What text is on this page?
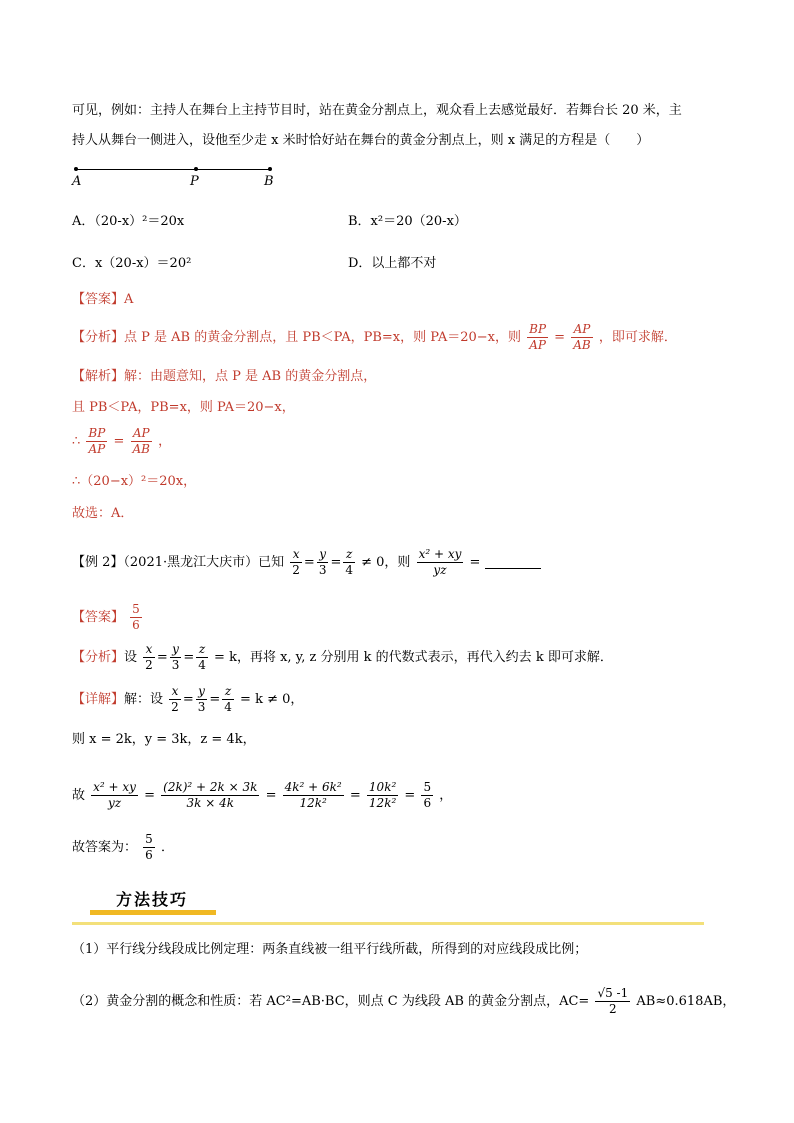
可见，例如：主持人在舞台上主持节目时，站在黄金分割点上，观众看上去感觉最好．若舞台长 20 米，主
持人从舞台一侧进入，设他至少走 x 米时恰好站在舞台的黄金分割点上，则 x 满足的方程是（　　）
A	P	B
A．（20-x）²＝20x	B．x²＝20（20-x）
C．x（20-x）＝20²	D．以上都不对
【答案】A
【分析】点 P 是 AB 的黄金分割点，且 PB＜PA，PB=x，则 PA＝20−x，则 $\frac{BP}{AP} = \frac{AP}{AB}$ ，即可求解．
【解析】解：由题意知，点 P 是 AB 的黄金分割点，
且 PB＜PA，PB=x，则 PA＝20−x，
∴ $\frac{BP}{AP} = \frac{AP}{AB}$ ，
∴（20−x）²＝20x，
故选：A．
【例 2】（2021·黑龙江大庆市）已知 $\frac{x}{2} = \frac{y}{3} = \frac{z}{4} \ne 0$，则 $\frac{\text{x² + xy}}{yz}$ =
【答案】 $\frac{5}{6}$
【分析】设 $\frac{x}{2} = \frac{y}{3} = \frac{z}{4} = k$，再将 x, y, z 分别用 k 的代数式表示，再代入约去 k 即可求解．
【详解】解：设 $\frac{x}{2} = \frac{y}{3} = \frac{z}{4} = k \ne 0$，
则 x = 2k，y = 3k，z = 4k，
故 $\frac{\text{x² + xy}}{yz} = \frac{\text{(2k)² + 2k × 3k}}{3k \times 4k} = \frac{\text{4k² + 6k²}}{\text{12k²}} = \frac{\text{10k²}}{\text{12k²}} = \frac{5}{6}$ ，
故答案为： $\frac{5}{6}$ ．
方法技巧
（1）平行线分线段成比例定理：两条直线被一组平行线所截，所得到的对应线段成比例；
（2）黄金分割的概念和性质：若 AC²=AB·BC，则点 C 为线段 AB 的黄金分割点，$AC= \frac{√5 -1}{2} AB\approx 0.618AB$，
